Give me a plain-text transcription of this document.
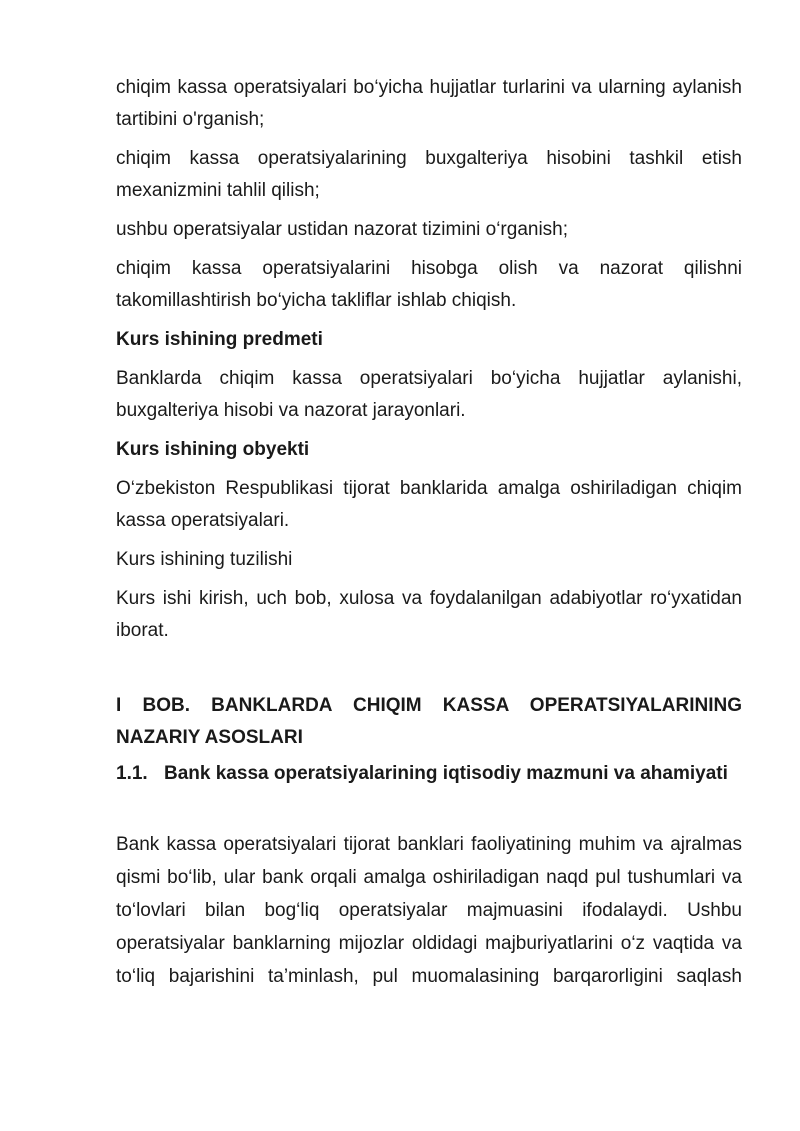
chiqim kassa operatsiyalari bo‘yicha hujjatlar turlarini va ularning aylanish tartibini o'rganish;

chiqim kassa operatsiyalarining buxgalteriya hisobini tashkil etish mexanizmini tahlil qilish;

ushbu operatsiyalar ustidan nazorat tizimini o‘rganish;

chiqim kassa operatsiyalarini hisobga olish va nazorat qilishni takomillashtirish bo‘yicha takliflar ishlab chiqish.

Kurs ishining predmeti

Banklarda chiqim kassa operatsiyalari bo‘yicha hujjatlar aylanishi, buxgalteriya hisobi va nazorat jarayonlari.

Kurs ishining obyekti

O‘zbekiston Respublikasi tijorat banklarida amalga oshiriladigan chiqim kassa operatsiyalari.

Kurs ishining tuzilishi

Kurs ishi kirish, uch bob, xulosa va foydalanilgan adabiyotlar ro‘yxatidan iborat.

I BOB. BANKLARDA CHIQIM KASSA OPERATSIYALARINING NAZARIY ASOSLARI

1.1. Bank kassa operatsiyalarining iqtisodiy mazmuni va ahamiyati

Bank kassa operatsiyalari tijorat banklari faoliyatining muhim va ajralmas qismi bo‘lib, ular bank orqali amalga oshiriladigan naqd pul tushumlari va to‘lovlari bilan bog‘liq operatsiyalar majmuasini ifodalaydi. Ushbu operatsiyalar banklarning mijozlar oldidagi majburiyatlarini o‘z vaqtida va to‘liq bajarishini ta’minlash, pul muomalasining barqarorligini saqlash
